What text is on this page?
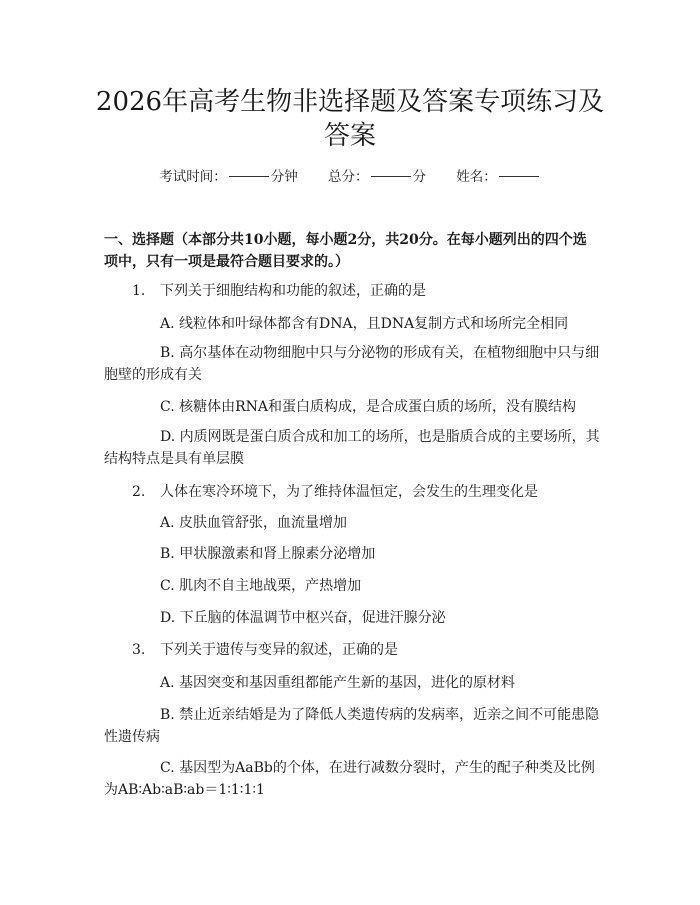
2026年高考生物非选择题及答案专项练习及
答案
考试时间：	分钟 总分：	分 姓名：
一、选择题（本部分共10小题，每小题2分，共20分。在每小题列出的四个选项中，只有一项是最符合题目要求的。）
1. 下列关于细胞结构和功能的叙述，正确的是
A. 线粒体和叶绿体都含有DNA，且DNA复制方式和场所完全相同
B. 高尔基体在动物细胞中只与分泌物的形成有关，在植物细胞中只与细胞壁的形成有关
C. 核糖体由RNA和蛋白质构成，是合成蛋白质的场所，没有膜结构
D. 内质网既是蛋白质合成和加工的场所，也是脂质合成的主要场所，其结构特点是具有单层膜
2. 人体在寒冷环境下，为了维持体温恒定，会发生的生理变化是
A. 皮肤血管舒张，血流量增加
B. 甲状腺激素和肾上腺素分泌增加
C. 肌肉不自主地战栗，产热增加
D. 下丘脑的体温调节中枢兴奋，促进汗腺分泌
3. 下列关于遗传与变异的叙述，正确的是
A. 基因突变和基因重组都能产生新的基因，进化的原材料
B. 禁止近亲结婚是为了降低人类遗传病的发病率，近亲之间不可能患隐性遗传病
C. 基因型为AaBb的个体，在进行减数分裂时，产生的配子种类及比例为AB∶Ab∶aB∶ab＝1∶1∶1∶1
